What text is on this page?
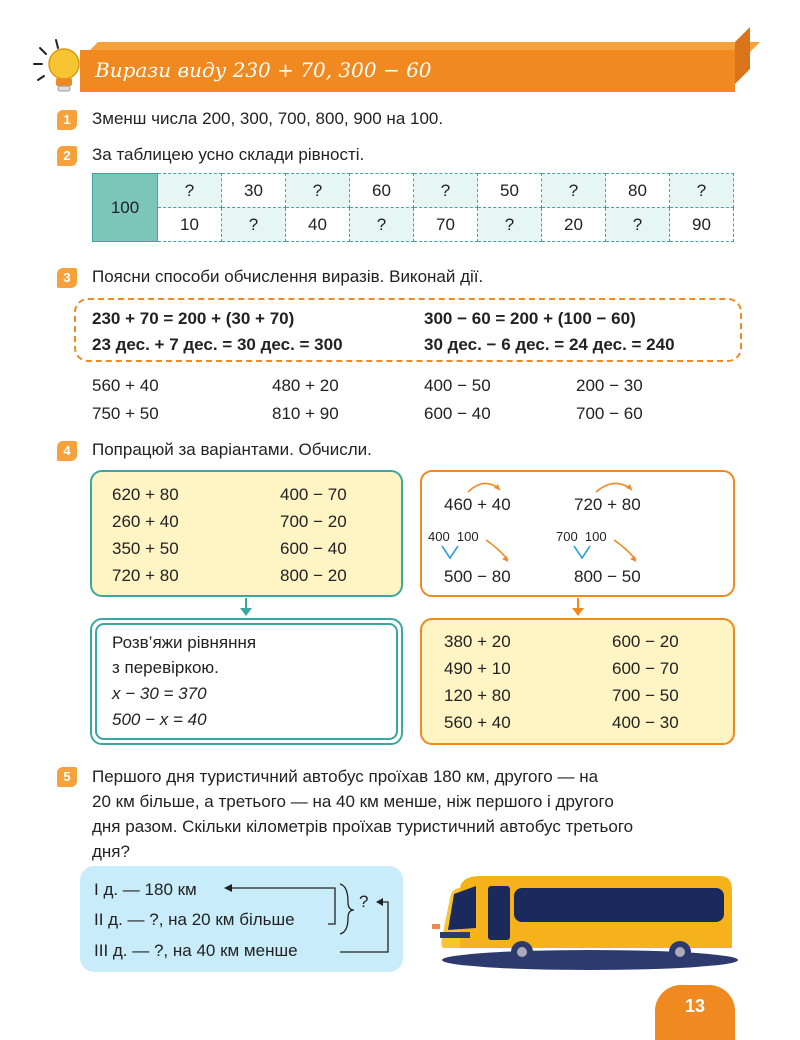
Вирази виду 230 + 70, 300 − 60
1	Зменш числа 200, 300, 700, 800, 900 на 100.
2	За таблицею усно склади рівності.
100	?	30	?	60	?	50	?	80	?
	10	?	40	?	70	?	20	?	90
3	Поясни способи обчислення виразів. Виконай дії.
230 + 70 = 200 + (30 + 70)
23 дес. + 7 дес. = 30 дес. = 300
300 − 60 = 200 + (100 − 60)
30 дес. − 6 дес. = 24 дес. = 240
560 + 40	480 + 20	400 − 50	200 − 30
750 + 50	810 + 90	600 − 40	700 − 60
4	Попрацюй за варіантами. Обчисли.
620 + 80	400 − 70
260 + 40	700 − 20
350 + 50	600 − 40
720 + 80	800 − 20
460 + 40	720 + 80
400  100	700  100
500 − 80	800 − 50
Розв’яжи рівняння
з перевіркою.
x − 30 = 370
500 − x = 40
380 + 20	600 − 20
490 + 10	600 − 70
120 + 80	700 − 50
560 + 40	400 − 30
5	Першого дня туристичний автобус проїхав 180 км, другого — на
20 км більше, а третього — на 40 км менше, ніж першого і другого
дня разом. Скільки кілометрів проїхав туристичний автобус третього
дня?
I д. — 180 км
II д. — ?, на 20 км більше
III д. — ?, на 40 км менше
?
13
